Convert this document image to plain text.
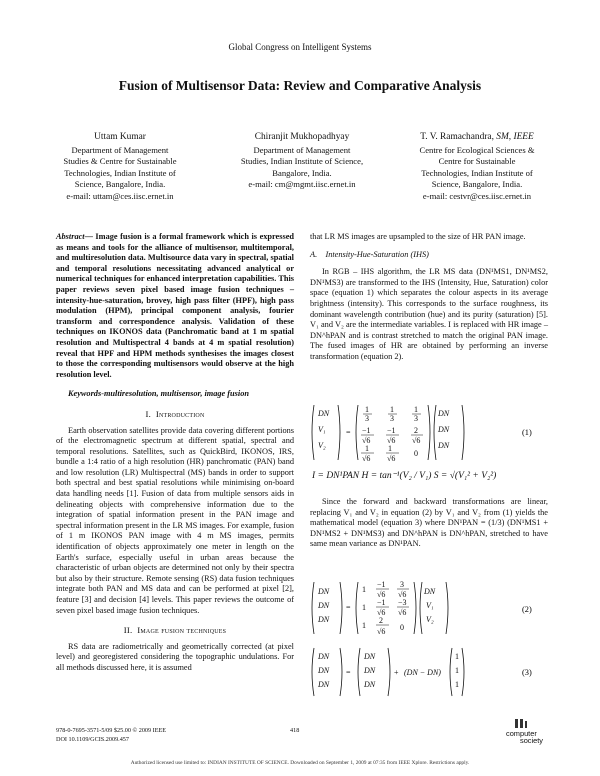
Global Congress on Intelligent Systems
Fusion of Multisensor Data: Review and Comparative Analysis
Uttam Kumar
Department of Management
Studies & Centre for Sustainable
Technologies, Indian Institute of
Science, Bangalore, India.
e-mail: uttam@ces.iisc.ernet.in
Chiranjit Mukhopadhyay
Department of Management
Studies, Indian Institute of Science,
Bangalore, India.
e-mail: cm@mgmt.iisc.ernet.in
T. V. Ramachandra, SM, IEEE
Centre for Ecological Sciences &
Centre for Sustainable
Technologies, Indian Institute of
Science, Bangalore, India.
e-mail: cestvr@ces.iisc.ernet.in
Abstract— Image fusion is a formal framework which is expressed as means and tools for the alliance of multisensor, multitemporal, and multiresolution data. Multisource data vary in spectral, spatial and temporal resolutions necessitating advanced analytical or numerical techniques for enhanced interpretation capabilities. This paper reviews seven pixel based image fusion techniques – intensity-hue-saturation, brovey, high pass filter (HPF), high pass modulation (HPM), principal component analysis, fourier transform and correspondence analysis. Validation of these techniques on IKONOS data (Panchromatic band at 1 m spatial resolution and Multispectral 4 bands at 4 m spatial resolution) reveal that HPF and HPM methods synthesises the images closest to those the corresponding multisensors would observe at the high resolution level.
Keywords-multiresolution, multisensor, image fusion
I. Introduction

Earth observation satellites provide data covering different portions of the electromagnetic spectrum at different spatial, spectral and temporal resolutions. Satellites, such as QuickBird, IKONOS, IRS, bundle a 1:4 ratio of a high resolution (HR) panchromatic (PAN) band and low resolution (LR) Multispectral (MS) bands in order to support both spectral and best spatial resolutions while minimising on-board data handling needs [1]. Fusion of data from multiple sensors aids in delineating objects with comprehensive information due to the integration of spatial information present in the PAN image and spectral information present in the LR MS images. For example, fusion of 1 m IKONOS PAN image with 4 m MS images, permits identification of objects approximately one meter in length on the Earth's surface, especially useful in urban areas because the characteristic of urban objects are determined not only by their spectra but also by their structure. Remote sensing (RS) data fusion techniques integrate both PAN and MS data and can be performed at pixel [2], feature [3] and decision [4] levels. This paper reviews the outcome of seven pixel based image fusion techniques.

II. Image fusion techniques

RS data are radiometrically and geometrically corrected (at pixel level) and georegistered considering the topographic undulations. For all methods discussed here, it is assumed

that LR MS images are upsampled to the size of HR PAN image.
A. Intensity-Hue-Saturation (IHS)

In RGB – IHS algorithm, the LR MS data (DN¹MS1, DN¹MS2, DN¹MS3) are transformed to the IHS (Intensity, Hue, Saturation) color space (equation 1) which separates the colour aspects in its average brightness (intensity). This corresponds to the surface roughness, its dominant wavelength contribution (hue) and its purity (saturation) [5]. V₁ and V₂ are the intermediate variables. I is replaced with HR image – DN^hPAN and is contrast stretched to match the original PAN image. The fused images of HR are obtained by performing an inverse transformation (equation 2).

DN
V₁
V₂
=
1
3
1
3
1
3
−1
√6
−1
√6
2
√6
1
√6
1
√6
0
DN
DN
DN
(1)
I = DN¹PAN H = tan⁻¹(V₂ / V₁) S = √(V₁² + V₂²)

Since the forward and backward transformations are linear, replacing V₁ and V₂ in equation (2) by V₁ and V₂ from (1) yields the mathematical model (equation 3) where DN¹PAN = (1/3) (DN¹MS1 + DN¹MS2 + DN¹MS3) and DN^hPAN is DN^hPAN, stretched to have same mean variance as DN¹PAN.

DN
DN
DN
=
1
−1
√6
3
√6
1
−1
√6
−3
√6
1
2
√6 0
DN
V₁
V₂
(2)
DN
DN
DN
=
DN
DN
DN
+ (DN − DN)
1
1
1
(3)
978-0-7695-3571-5/09 $25.00 © 2009 IEEE
DOI 10.1109/GCIS.2009.457
418	computer
society
Authorized licensed use limited to: INDIAN INSTITUTE OF SCIENCE. Downloaded on September 1, 2009 at 07:35 from IEEE Xplore. Restrictions apply.
